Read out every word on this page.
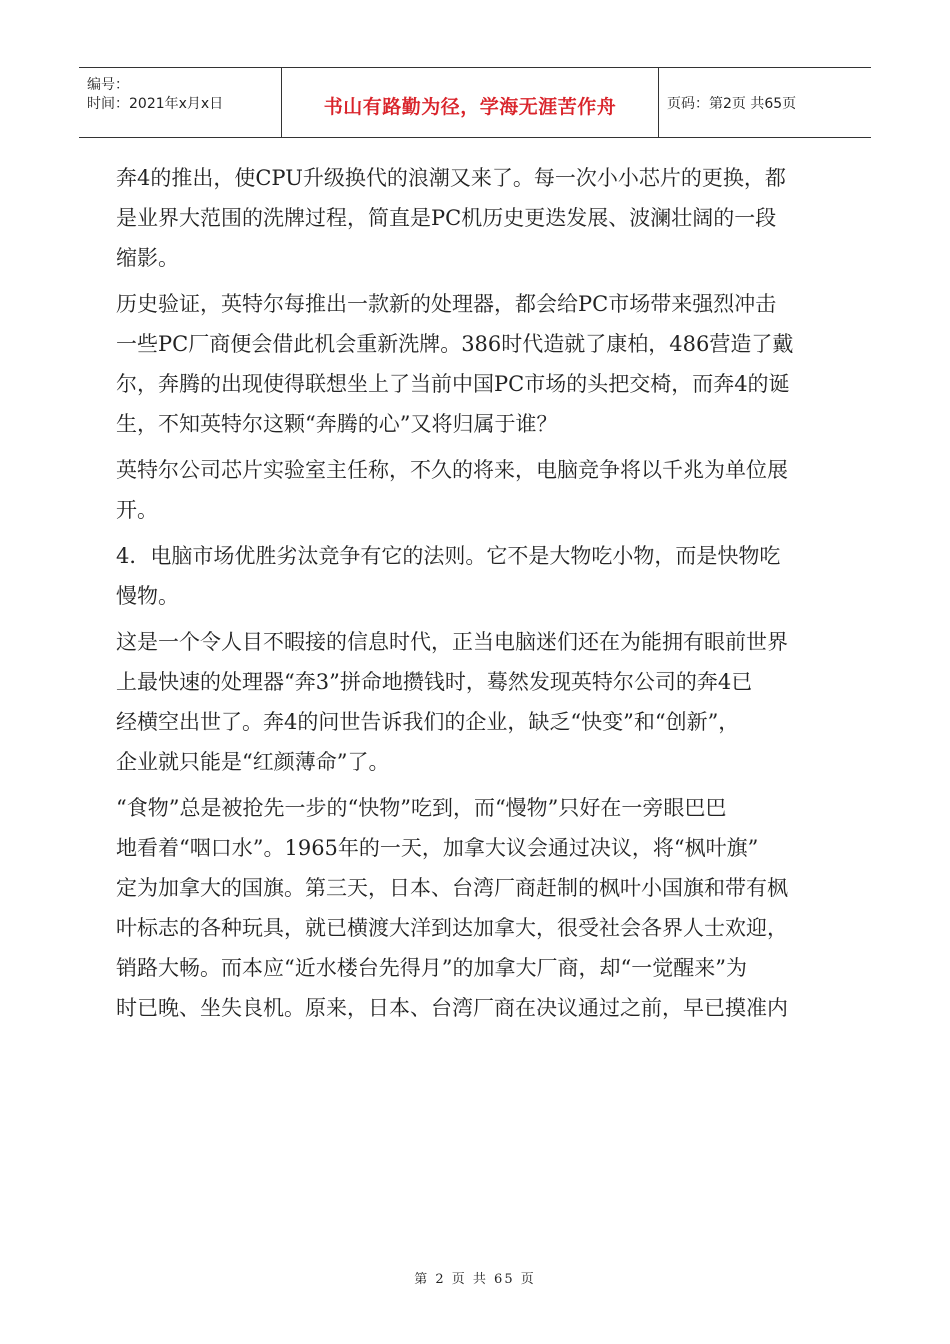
编号：
时间：2021年x月x日	书山有路勤为径，学海无涯苦作舟	页码：第2页 共65页

奔4的推出，使CPU升级换代的浪潮又来了。每一次小小芯片的更换，都
是业界大范围的洗牌过程，简直是PC机历史更迭发展、波澜壮阔的一段
缩影。

历史验证，英特尔每推出一款新的处理器，都会给PC市场带来强烈冲击
一些PC厂商便会借此机会重新洗牌。386时代造就了康柏，486营造了戴
尔，奔腾的出现使得联想坐上了当前中国PC市场的头把交椅，而奔4的诞
生，不知英特尔这颗“奔腾的心”又将归属于谁？

英特尔公司芯片实验室主任称，不久的将来，电脑竞争将以千兆为单位展
开。

4．电脑市场优胜劣汰竞争有它的法则。它不是大物吃小物，而是快物吃
慢物。

这是一个令人目不暇接的信息时代，正当电脑迷们还在为能拥有眼前世界
上最快速的处理器“奔3”拼命地攒钱时，蓦然发现英特尔公司的奔4已
经横空出世了。奔4的问世告诉我们的企业，缺乏“快变”和“创新”，
企业就只能是“红颜薄命”了。

“食物”总是被抢先一步的“快物”吃到，而“慢物”只好在一旁眼巴巴
地看着“咽口水”。1965年的一天，加拿大议会通过决议，将“枫叶旗”
定为加拿大的国旗。第三天，日本、台湾厂商赶制的枫叶小国旗和带有枫
叶标志的各种玩具，就已横渡大洋到达加拿大，很受社会各界人士欢迎，
销路大畅。而本应“近水楼台先得月”的加拿大厂商，却“一觉醒来”为
时已晚、坐失良机。原来，日本、台湾厂商在决议通过之前，早已摸准内

第 2 页 共 65 页
